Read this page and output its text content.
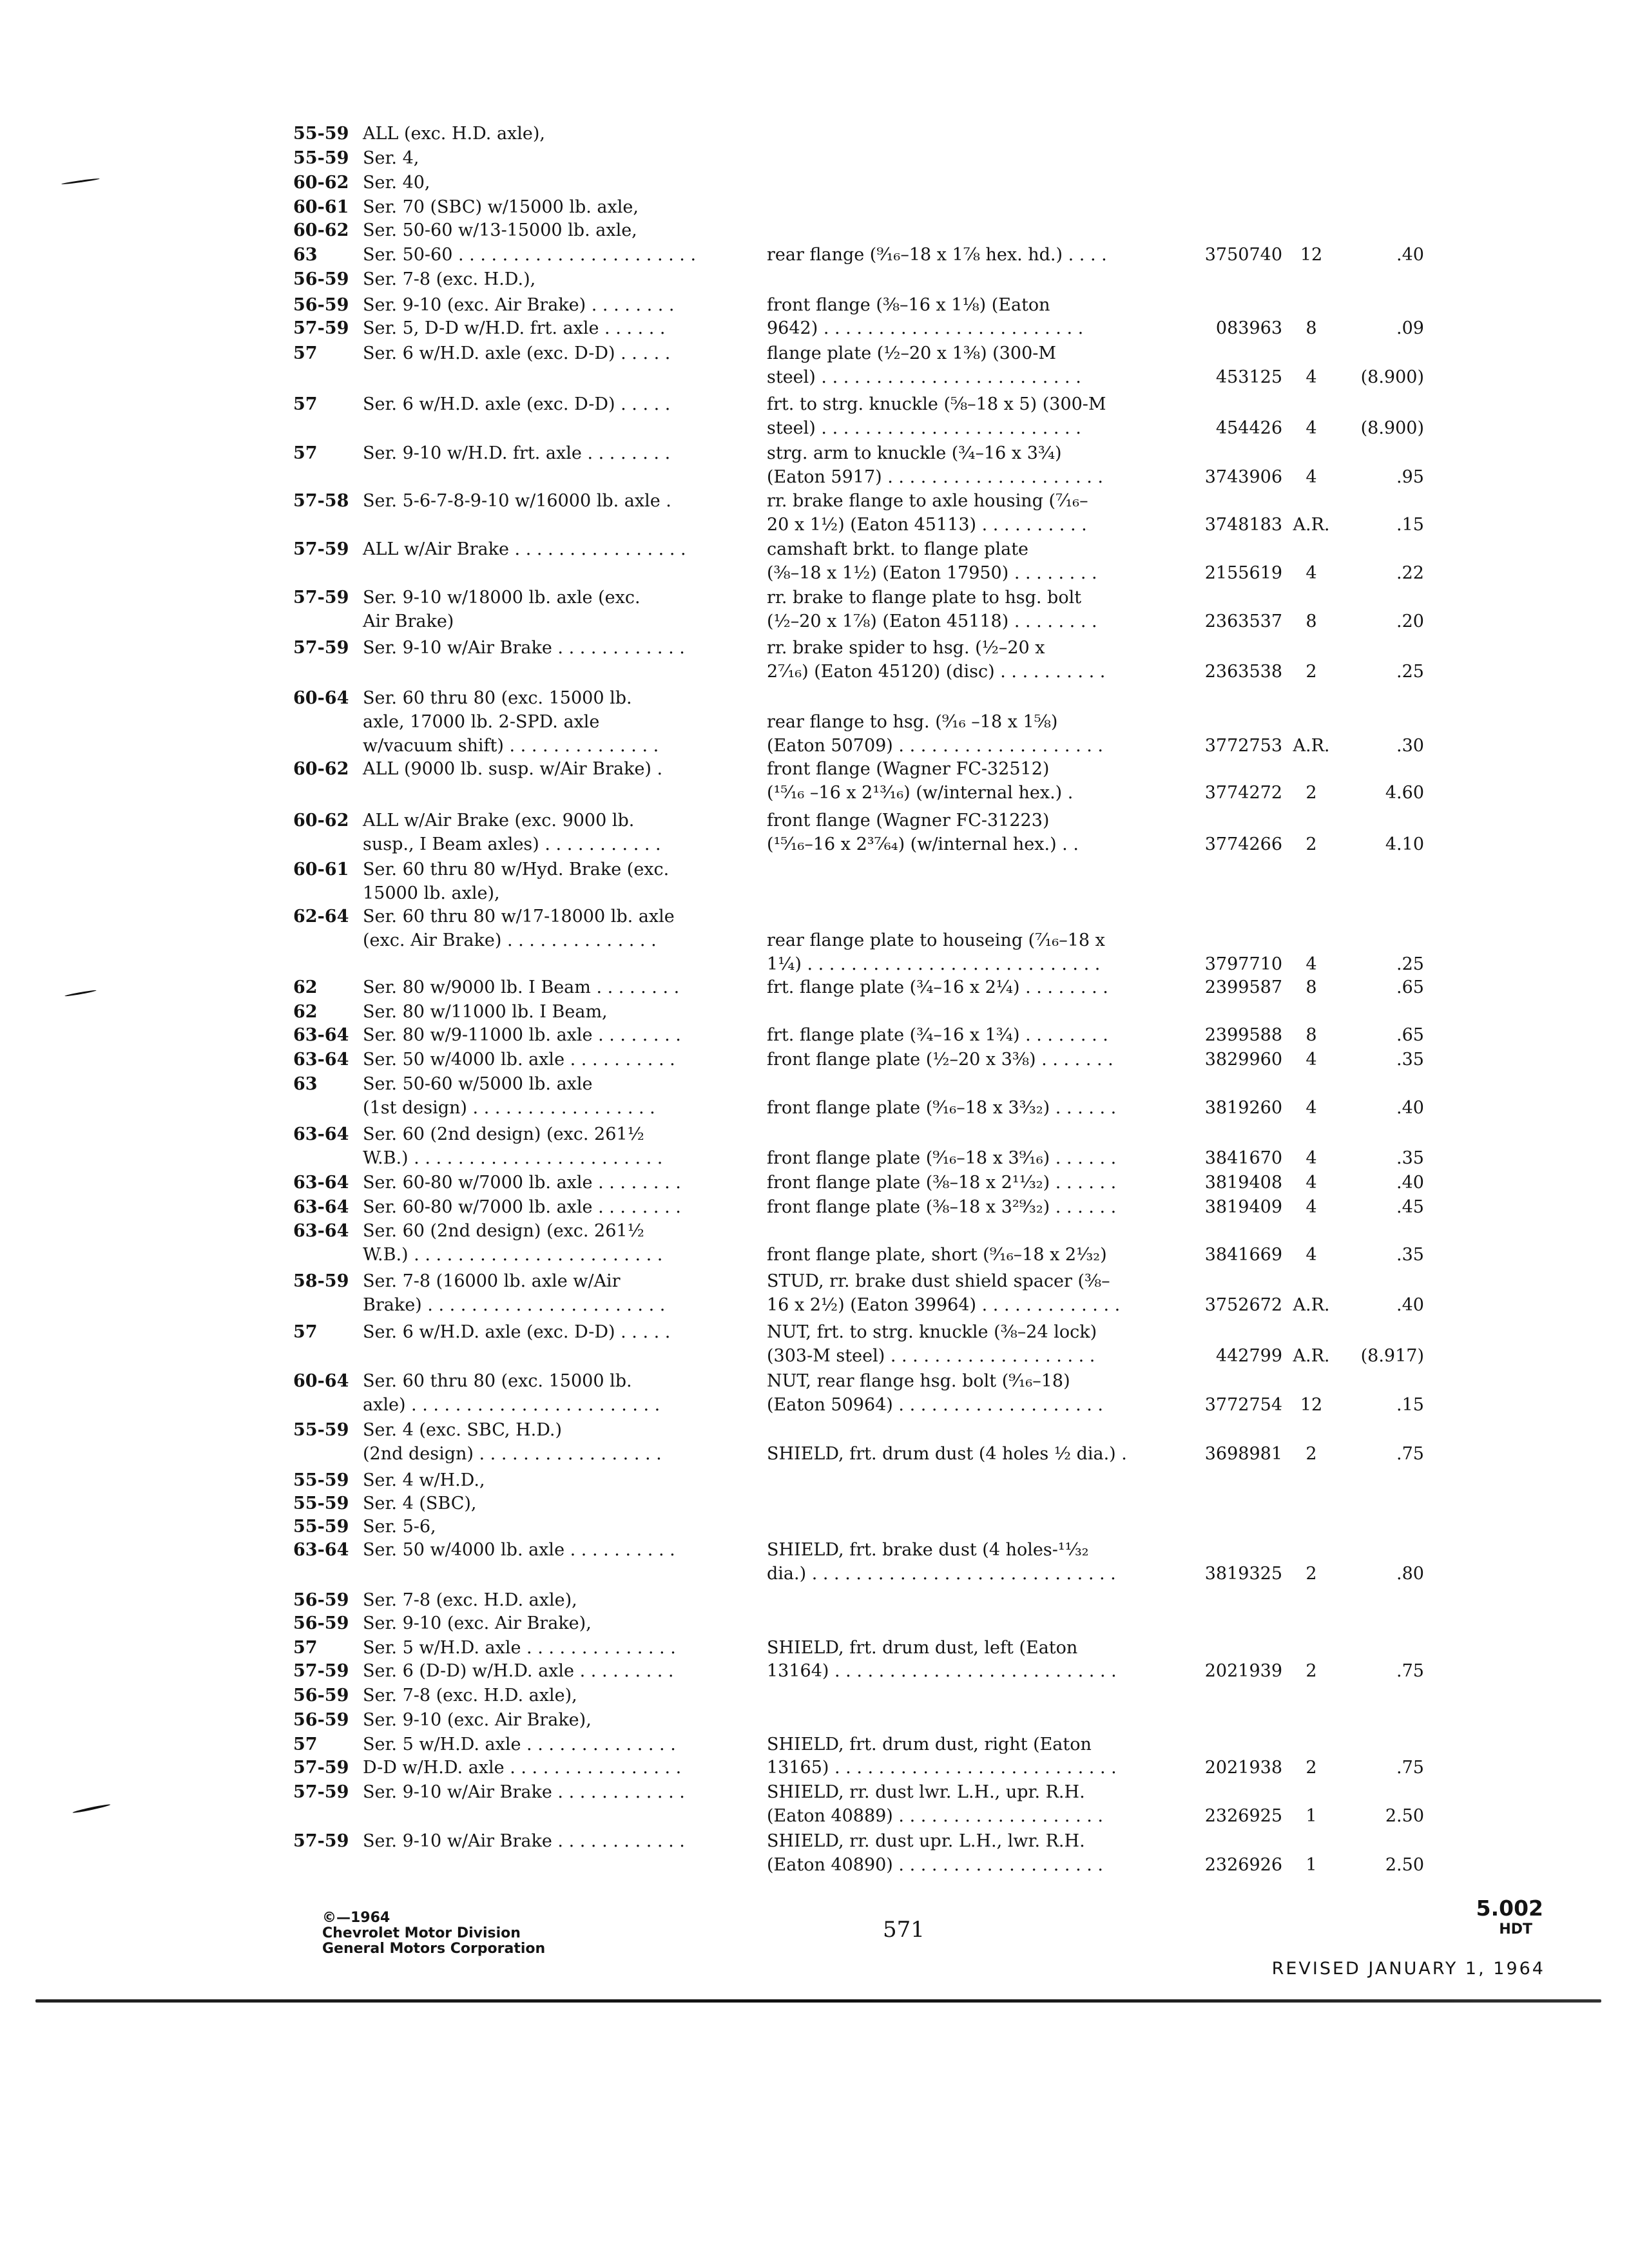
55-59 ALL (exc. H.D. axle),
55-59 Ser. 4,
60-62 Ser. 40,
60-61 Ser. 70 (SBC) w/15000 lb. axle,
60-62 Ser. 50-60 w/13-15000 lb. axle,
63	Ser. 50-60 . . . . . . . . . . . . . . . . . . . . . .	rear flange (⁹⁄₁₆–18 x 1⅞ hex. hd.) . . . .	3750740	12	.40
56-59 Ser. 7-8 (exc. H.D.),
56-59 Ser. 9-10 (exc. Air Brake) . . . . . . . .	front flange (⅜–16 x 1⅛) (Eaton
57-59 Ser. 5, D-D w/H.D. frt. axle . . . . . .	9642) . . . . . . . . . . . . . . . . . . . . . . . .	083963	8	.09
57	Ser. 6 w/H.D. axle (exc. D-D) . . . . .	flange plate (½–20 x 1⅜) (300-M
steel) . . . . . . . . . . . . . . . . . . . . . . . .	453125	4	(8.900)
57	Ser. 6 w/H.D. axle (exc. D-D) . . . . .	frt. to strg. knuckle (⅝–18 x 5) (300-M
steel) . . . . . . . . . . . . . . . . . . . . . . . .	454426	4	(8.900)
57	Ser. 9-10 w/H.D. frt. axle . . . . . . . .	strg. arm to knuckle (¾–16 x 3¾)
(Eaton 5917) . . . . . . . . . . . . . . . . . . . .	3743906	4	.95
57-58 Ser. 5-6-7-8-9-10 w/16000 lb. axle .	rr. brake flange to axle housing (⁷⁄₁₆–
20 x 1½) (Eaton 45113) . . . . . . . . . .	3748183 A.R.	.15
57-59 ALL w/Air Brake . . . . . . . . . . . . . . . .	camshaft brkt. to flange plate
(⅜–18 x 1½) (Eaton 17950) . . . . . . . .	2155619	4	.22
57-59 Ser. 9-10 w/18000 lb. axle (exc.	rr. brake to flange plate to hsg. bolt
Air Brake)	(½–20 x 1⅞) (Eaton 45118) . . . . . . . .	2363537	8	.20
57-59 Ser. 9-10 w/Air Brake . . . . . . . . . . . .	rr. brake spider to hsg. (½–20 x
2⁷⁄₁₆) (Eaton 45120) (disc) . . . . . . . . . .	2363538	2	.25
60-64 Ser. 60 thru 80 (exc. 15000 lb.
axle, 17000 lb. 2-SPD. axle	rear flange to hsg. (⁹⁄₁₆ –18 x 1⅝)
w/vacuum shift) . . . . . . . . . . . . . .	(Eaton 50709) . . . . . . . . . . . . . . . . . . .	3772753 A.R.	.30
60-62 ALL (9000 lb. susp. w/Air Brake) .	front flange (Wagner FC-32512)
(¹⁵⁄₁₆ –16 x 2¹³⁄₁₆) (w/internal hex.) .	3774272	2	4.60
60-62 ALL w/Air Brake (exc. 9000 lb.	front flange (Wagner FC-31223)
susp., I Beam axles) . . . . . . . . . . .	(¹⁵⁄₁₆–16 x 2³⁷⁄₆₄) (w/internal hex.) . .	3774266	2	4.10
60-61 Ser. 60 thru 80 w/Hyd. Brake (exc.
15000 lb. axle),
62-64 Ser. 60 thru 80 w/17-18000 lb. axle
(exc. Air Brake) . . . . . . . . . . . . . .	rear flange plate to houseing (⁷⁄₁₆–18 x
1¼) . . . . . . . . . . . . . . . . . . . . . . . . . . .	3797710	4	.25
62	Ser. 80 w/9000 lb. I Beam . . . . . . . .	frt. flange plate (¾–16 x 2¼) . . . . . . . .	2399587	8	.65
62	Ser. 80 w/11000 lb. I Beam,
63-64 Ser. 80 w/9-11000 lb. axle . . . . . . . .	frt. flange plate (¾–16 x 1¾) . . . . . . . .	2399588	8	.65
63-64 Ser. 50 w/4000 lb. axle . . . . . . . . . .	front flange plate (½–20 x 3⅜) . . . . . . .	3829960	4	.35
63	Ser. 50-60 w/5000 lb. axle
(1st design) . . . . . . . . . . . . . . . . .	front flange plate (⁹⁄₁₆–18 x 3³⁄₃₂) . . . . . .	3819260	4	.40
63-64 Ser. 60 (2nd design) (exc. 261½
W.B.) . . . . . . . . . . . . . . . . . . . . . . .	front flange plate (⁹⁄₁₆–18 x 3⁹⁄₁₆) . . . . . .	3841670	4	.35
63-64 Ser. 60-80 w/7000 lb. axle . . . . . . . .	front flange plate (⅜–18 x 2¹¹⁄₃₂) . . . . . .	3819408	4	.40
63-64 Ser. 60-80 w/7000 lb. axle . . . . . . . .	front flange plate (⅜–18 x 3²⁹⁄₃₂) . . . . . .	3819409	4	.45
63-64 Ser. 60 (2nd design) (exc. 261½
W.B.) . . . . . . . . . . . . . . . . . . . . . . .	front flange plate, short (⁹⁄₁₆–18 x 2¹⁄₃₂)	3841669	4	.35
58-59 Ser. 7-8 (16000 lb. axle w/Air	STUD, rr. brake dust shield spacer (⅜–
Brake) . . . . . . . . . . . . . . . . . . . . . .	16 x 2½) (Eaton 39964) . . . . . . . . . . . . .	3752672 A.R.	.40
57	Ser. 6 w/H.D. axle (exc. D-D) . . . . .	NUT, frt. to strg. knuckle (⅜–24 lock)
(303-M steel) . . . . . . . . . . . . . . . . . . .	442799 A.R.	(8.917)
60-64 Ser. 60 thru 80 (exc. 15000 lb.	NUT, rear flange hsg. bolt (⁹⁄₁₆–18)
axle) . . . . . . . . . . . . . . . . . . . . . . .	(Eaton 50964) . . . . . . . . . . . . . . . . . . .	3772754	12	.15
55-59 Ser. 4 (exc. SBC, H.D.)
(2nd design) . . . . . . . . . . . . . . . . .	SHIELD, frt. drum dust (4 holes ½ dia.) .	3698981	2	.75
55-59 Ser. 4 w/H.D.,
55-59 Ser. 4 (SBC),
55-59 Ser. 5-6,
63-64 Ser. 50 w/4000 lb. axle . . . . . . . . . .	SHIELD, frt. brake dust (4 holes-¹¹⁄₃₂
dia.) . . . . . . . . . . . . . . . . . . . . . . . . . . . .	3819325	2	.80
56-59 Ser. 7-8 (exc. H.D. axle),
56-59 Ser. 9-10 (exc. Air Brake),
57	Ser. 5 w/H.D. axle . . . . . . . . . . . . . .	SHIELD, frt. drum dust, left (Eaton
57-59 Ser. 6 (D-D) w/H.D. axle . . . . . . . . .	13164) . . . . . . . . . . . . . . . . . . . . . . . . . .	2021939	2	.75
56-59 Ser. 7-8 (exc. H.D. axle),
56-59 Ser. 9-10 (exc. Air Brake),
57	Ser. 5 w/H.D. axle . . . . . . . . . . . . . .	SHIELD, frt. drum dust, right (Eaton
57-59 D-D w/H.D. axle . . . . . . . . . . . . . . . .	13165) . . . . . . . . . . . . . . . . . . . . . . . . . .	2021938	2	.75
57-59 Ser. 9-10 w/Air Brake . . . . . . . . . . . .	SHIELD, rr. dust lwr. L.H., upr. R.H.
(Eaton 40889) . . . . . . . . . . . . . . . . . . .	2326925	1	2.50
57-59 Ser. 9-10 w/Air Brake . . . . . . . . . . . .	SHIELD, rr. dust upr. L.H., lwr. R.H.
(Eaton 40890) . . . . . . . . . . . . . . . . . . .	2326926	1	2.50
©—1964
Chevrolet Motor Division
General Motors Corporation
571
5.002
HDT
REVISED JANUARY 1, 1964
